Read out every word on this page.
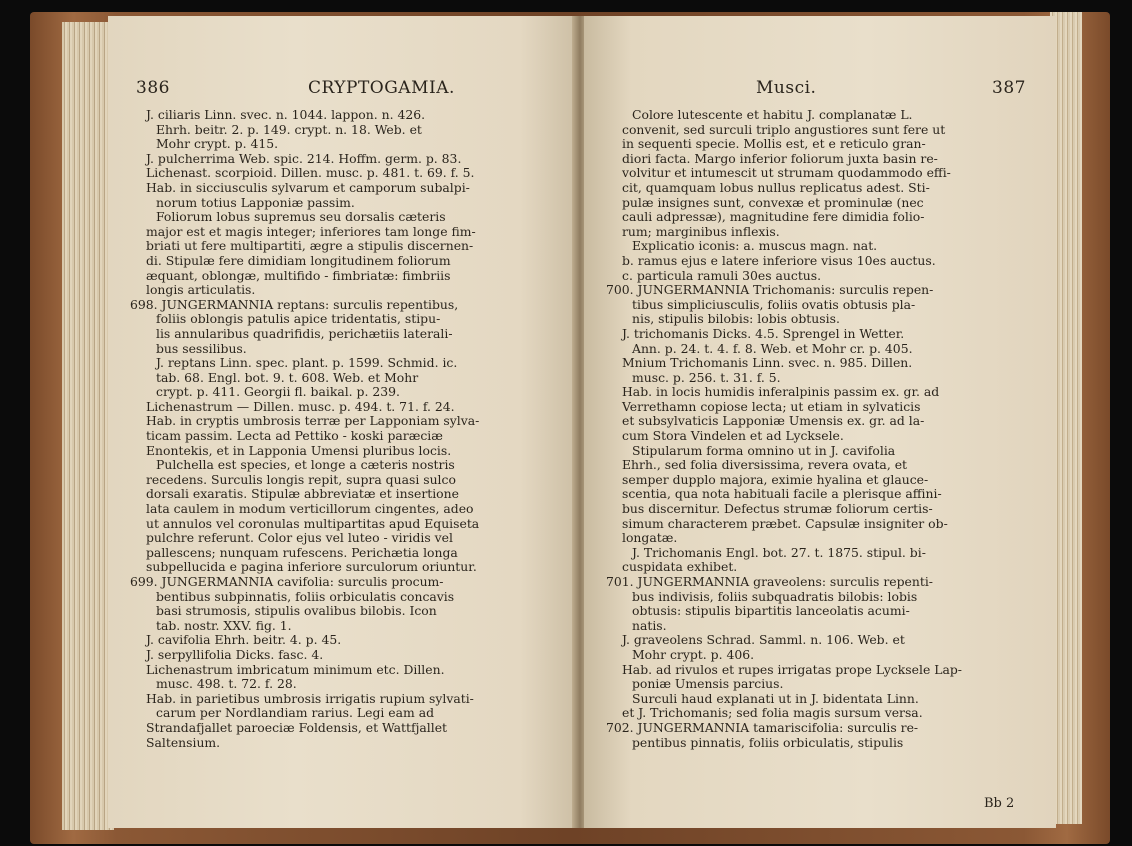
386	CRYPTOGAMIA.

J. ciliaris Linn. svec. n. 1044. lappon. n. 426.

Ehrh. beitr. 2. p. 149. crypt. n. 18. Web. et

Mohr crypt. p. 415.

J. pulcherrima Web. spic. 214. Hoffm. germ. p. 83.

Lichenast. scorpioid. Dillen. musc. p. 481. t. 69. f. 5.

Hab. in sicciusculis sylvarum et camporum subalpi-

norum totius Lapponiæ passim.

Foliorum lobus supremus seu dorsalis cæteris

major est et magis integer; inferiores tam longe fim-

briati ut fere multipartiti, ægre a stipulis discernen-

di. Stipulæ fere dimidiam longitudinem foliorum

æquant, oblongæ, multifido - fimbriatæ: fimbriis

longis articulatis.

698. JUNGERMANNIA reptans: surculis repentibus,

foliis oblongis patulis apice tridentatis, stipu-

lis annularibus quadrifidis, perichætiis laterali-

bus sessilibus.

J. reptans Linn. spec. plant. p. 1599. Schmid. ic.

tab. 68. Engl. bot. 9. t. 608. Web. et Mohr

crypt. p. 411. Georgii fl. baikal. p. 239.

Lichenastrum — Dillen. musc. p. 494. t. 71. f. 24.

Hab. in cryptis umbrosis terræ per Lapponiam sylva-

ticam passim. Lecta ad Pettiko - koski paræciæ

Enontekis, et in Lapponia Umensi pluribus locis.

Pulchella est species, et longe a cæteris nostris

recedens. Surculis longis repit, supra quasi sulco

dorsali exaratis. Stipulæ abbreviatæ et insertione

lata caulem in modum verticillorum cingentes, adeo

ut annulos vel coronulas multipartitas apud Equiseta

pulchre referunt. Color ejus vel luteo - viridis vel

pallescens; nunquam rufescens. Perichætia longa

subpellucida e pagina inferiore surculorum oriuntur.

699. JUNGERMANNIA cavifolia: surculis procum-

bentibus subpinnatis, foliis orbiculatis concavis

basi strumosis, stipulis ovalibus bilobis. Icon

tab. nostr. XXV. fig. 1.

J. cavifolia Ehrh. beitr. 4. p. 45.

J. serpyllifolia Dicks. fasc. 4.

Lichenastrum imbricatum minimum etc. Dillen.

musc. 498. t. 72. f. 28.

Hab. in parietibus umbrosis irrigatis rupium sylvati-

carum per Nordlandiam rarius. Legi eam ad

Strandafjallet paroeciæ Foldensis, et Wattfjallet

Saltensium.

Musci.	387

Colore lutescente et habitu J. complanatæ L.

convenit, sed surculi triplo angustiores sunt fere ut

in sequenti specie. Mollis est, et e reticulo gran-

diori facta. Margo inferior foliorum juxta basin re-

volvitur et intumescit ut strumam quodammodo effi-

cit, quamquam lobus nullus replicatus adest. Sti-

pulæ insignes sunt, convexæ et prominulæ (nec

cauli adpressæ), magnitudine fere dimidia folio-

rum; marginibus inflexis.

Explicatio iconis: a. muscus magn. nat.

b. ramus ejus e latere inferiore visus 10es auctus.

c. particula ramuli 30es auctus.

700. JUNGERMANNIA Trichomanis: surculis repen-

tibus simpliciusculis, foliis ovatis obtusis pla-

nis, stipulis bilobis: lobis obtusis.

J. trichomanis Dicks. 4.5. Sprengel in Wetter.

Ann. p. 24. t. 4. f. 8. Web. et Mohr cr. p. 405.

Mnium Trichomanis Linn. svec. n. 985. Dillen.

musc. p. 256. t. 31. f. 5.

Hab. in locis humidis inferalpinis passim ex. gr. ad

Verrethamn copiose lecta; ut etiam in sylvaticis

et subsylvaticis Lapponiæ Umensis ex. gr. ad la-

cum Stora Vindelen et ad Lycksele.

Stipularum forma omnino ut in J. cavifolia

Ehrh., sed folia diversissima, revera ovata, et

semper dupplo majora, eximie hyalina et glauce-

scentia, qua nota habituali facile a plerisque affini-

bus discernitur. Defectus strumæ foliorum certis-

simum characterem præbet. Capsulæ insigniter ob-

longatæ.

J. Trichomanis Engl. bot. 27. t. 1875. stipul. bi-

cuspidata exhibet.

701. JUNGERMANNIA graveolens: surculis repenti-

bus indivisis, foliis subquadratis bilobis: lobis

obtusis: stipulis bipartitis lanceolatis acumi-

natis.

J. graveolens Schrad. Samml. n. 106. Web. et

Mohr crypt. p. 406.

Hab. ad rivulos et rupes irrigatas prope Lycksele Lap-

poniæ Umensis parcius.

Surculi haud explanati ut in J. bidentata Linn.

et J. Trichomanis; sed folia magis sursum versa.

702. JUNGERMANNIA tamariscifolia: surculis re-

pentibus pinnatis, foliis orbiculatis, stipulis

Bb 2
